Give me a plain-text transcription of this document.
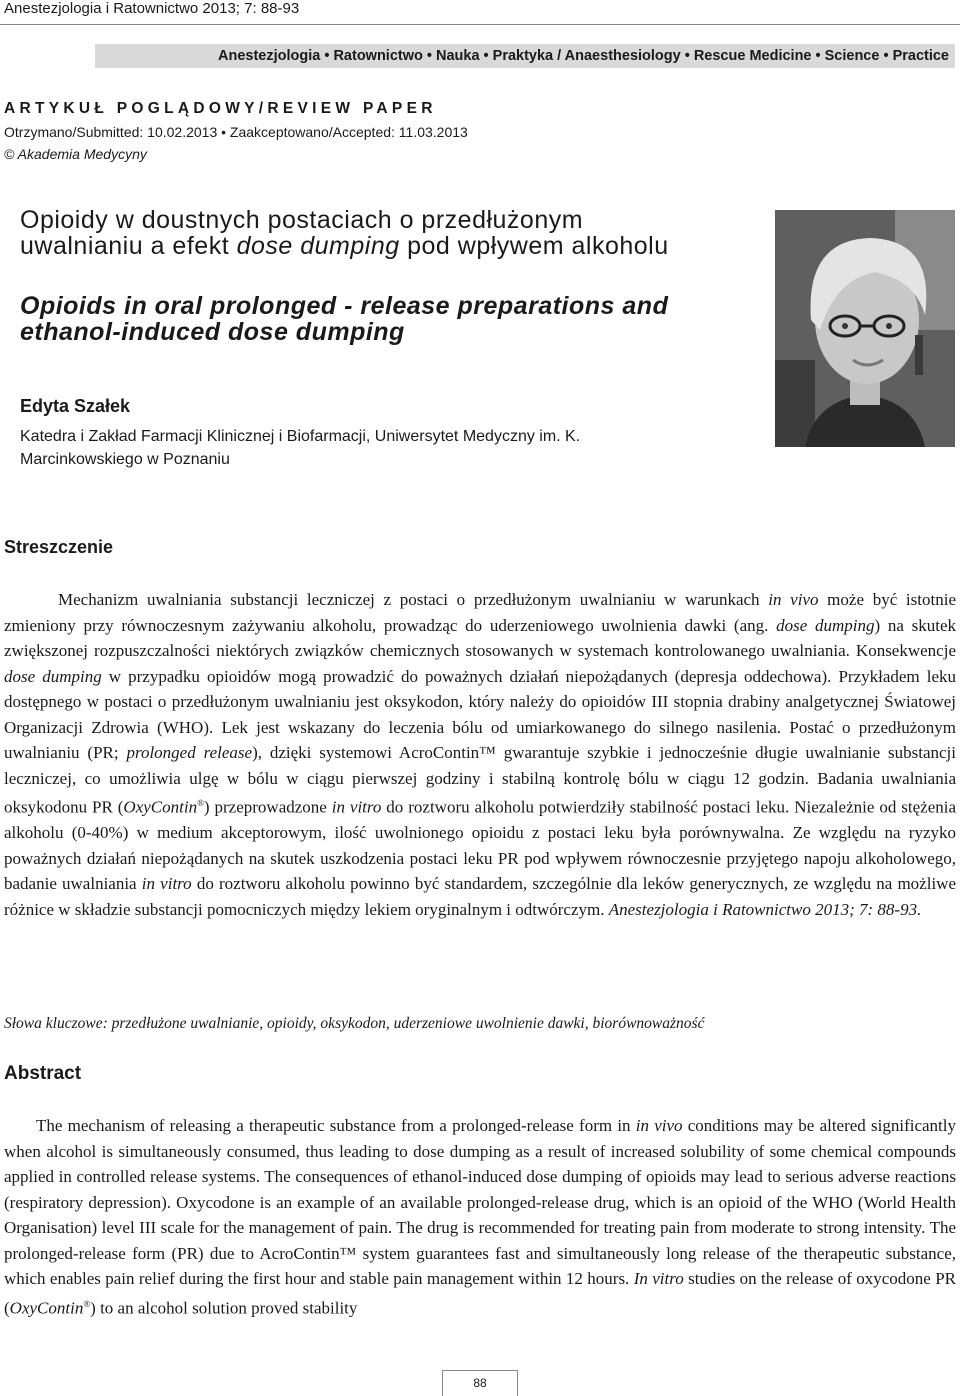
Anestezjologia i Ratownictwo 2013; 7: 88-93
Anestezjologia • Ratownictwo • Nauka • Praktyka / Anaesthesiology • Rescue Medicine • Science • Practice
ARTYKUŁ POGLĄDOWY/REVIEW PAPER
Otrzymano/Submitted: 10.02.2013 • Zaakceptowano/Accepted: 11.03.2013
© Akademia Medycyny
Opioidy w doustnych postaciach o przedłużonym uwalnianiu a efekt dose dumping pod wpływem alkoholu
Opioids in oral prolonged - release preparations and ethanol-induced dose dumping
Edyta Szałek
Katedra i Zakład Farmacji Klinicznej i Biofarmacji, Uniwersytet Medyczny im. K. Marcinkowskiego w Poznaniu
Streszczenie
Mechanizm uwalniania substancji leczniczej z postaci o przedłużonym uwalnianiu w warunkach in vivo może być istotnie zmieniony przy równoczesnym zażywaniu alkoholu, prowadząc do uderzeniowego uwolnienia dawki (ang. dose dumping) na skutek zwiększonej rozpuszczalności niektórych związków chemicznych stosowanych w systemach kontrolowanego uwalniania. Konsekwencje dose dumping w przypadku opioidów mogą prowadzić do poważnych działań niepożądanych (depresja oddechowa). Przykładem leku dostępnego w postaci o przedłużonym uwalnianiu jest oksykodon, który należy do opioidów III stopnia drabiny analgetycznej Światowej Organizacji Zdrowia (WHO). Lek jest wskazany do leczenia bólu od umiarkowanego do silnego nasilenia. Postać o przedłużonym uwalnianiu (PR; prolonged release), dzięki systemowi AcroContin™ gwarantuje szybkie i jednocześnie długie uwalnianie substancji leczniczej, co umożliwia ulgę w bólu w ciągu pierwszej godziny i stabilną kontrolę bólu w ciągu 12 godzin. Badania uwalniania oksykodonu PR (OxyContin®) przeprowadzone in vitro do roztworu alkoholu potwierdziły stabilność postaci leku. Niezależnie od stężenia alkoholu (0-40%) w medium akceptorowym, ilość uwolnionego opioidu z postaci leku była porównywalna. Ze względu na ryzyko poważnych działań niepożądanych na skutek uszkodzenia postaci leku PR pod wpływem równoczesnie przyjętego napoju alkoholowego, badanie uwalniania in vitro do roztworu alkoholu powinno być standardem, szczególnie dla leków generycznych, ze względu na możliwe różnice w składzie substancji pomocniczych między lekiem oryginalnym i odtwórczym. Anestezjologia i Ratownictwo 2013; 7: 88-93.
Słowa kluczowe: przedłużone uwalnianie, opioidy, oksykodon, uderzeniowe uwolnienie dawki, biorównoważność
Abstract
The mechanism of releasing a therapeutic substance from a prolonged-release form in in vivo conditions may be altered significantly when alcohol is simultaneously consumed, thus leading to dose dumping as a result of increased solubility of some chemical compounds applied in controlled release systems. The consequences of ethanol-induced dose dumping of opioids may lead to serious adverse reactions (respiratory depression). Oxycodone is an example of an available prolonged-release drug, which is an opioid of the WHO (World Health Organisation) level III scale for the management of pain. The drug is recommended for treating pain from moderate to strong intensity. The prolonged-release form (PR) due to AcroContin™ system guarantees fast and simultaneously long release of the therapeutic substance, which enables pain relief during the first hour and stable pain management within 12 hours. In vitro studies on the release of oxycodone PR (OxyContin®) to an alcohol solution proved stability
88
